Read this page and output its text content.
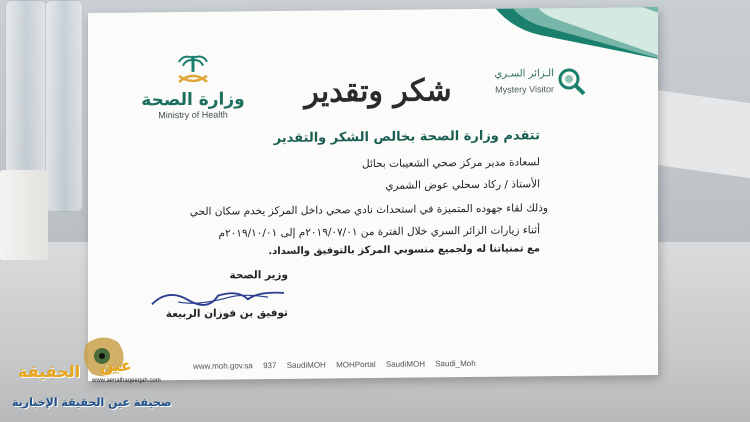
وزارة الصحة
Ministry of Health
الـزائر السـري
Mystery Visitor
شكر وتقدير
تتقدم وزارة الصحة بخالص الشكر والتقدير
لسعادة مدير مركز صحي الشعيبات بحائل
الأستاذ / ركاد سحلي عوض الشمري
وذلك لقاء جهوده المتميزة في استحداث نادي صحي داخل المركز يخدم سكان الحي
أثناء زيارات الزائر السري خلال الفترة من ٢٠١٩/٠٧/٠١م إلى ٢٠١٩/١٠/٠١م
مع تمنياتنا له ولجميع منسوبي المركز بالتوفيق والسداد.
وزير الصحة
توفيق بن فوزان الربيعة
www.moh.gov.sa 937 SaudiMOH MOHPortal SaudiMOH Saudi_Moh
الحقيقة عين
www.aenalhaqeeqah.com
صحيفة عين الحقيقة الإخبارية
